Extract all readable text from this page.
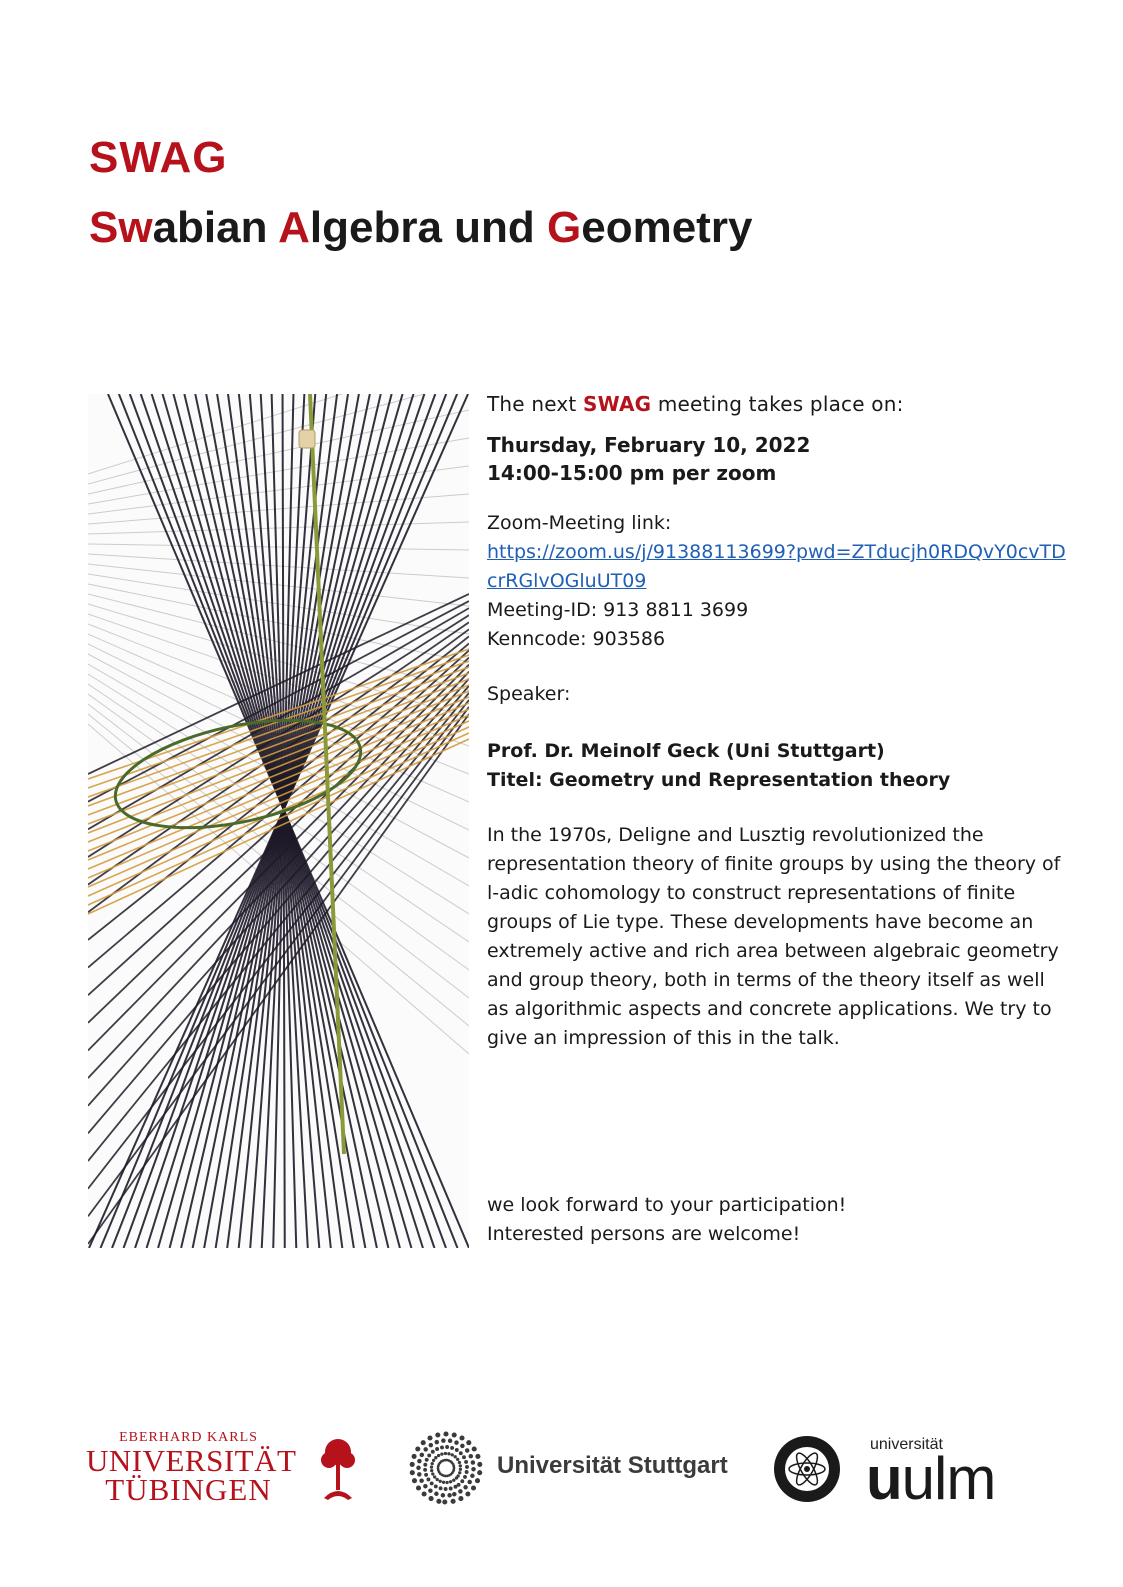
SWAG
Swabian Algebra und Geometry

The next SWAG meeting takes place on:

Thursday, February 10, 2022
14:00-15:00 pm per zoom

Zoom-Meeting link:

https://zoom.us/j/91388113699?pwd=ZTducjh0RDQvY0cvTDcrRGlvOGluUT09
Meeting-ID: 913 8811 3699
Kenncode: 903586

Speaker:

Prof. Dr. Meinolf Geck (Uni Stuttgart)
Titel: Geometry und Representation theory

In the 1970s, Deligne and Lusztig revolutionized the representation theory of finite groups by using the theory of l-adic cohomology to construct representations of finite groups of Lie type. These developments have become an extremely active and rich area between algebraic geometry and group theory, both in terms of the theory itself as well as algorithmic aspects and concrete applications. We try to give an impression of this in the talk.

we look forward to your participation!

Interested persons are welcome!

EBERHARD KARLS
UNIVERSITÄT
TÜBINGEN
Universität Stuttgart
universität
uulm
